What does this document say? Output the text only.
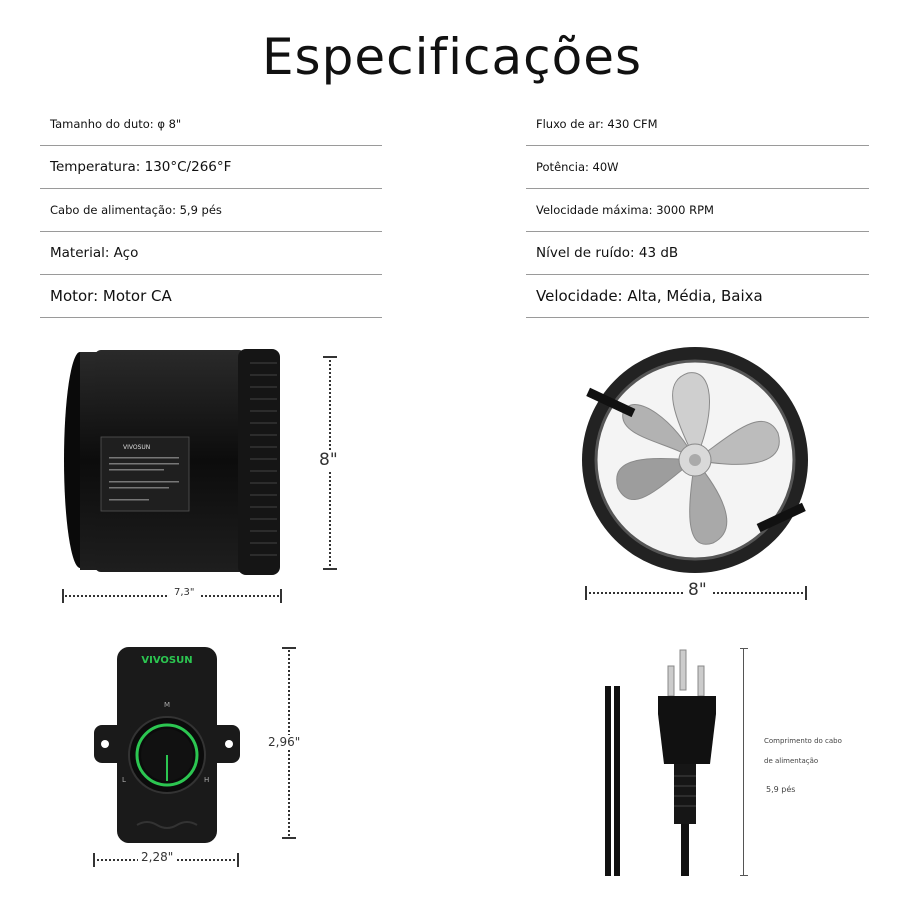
Especificações
Tamanho do duto: φ 8"
Temperatura: 130°C/266°F
Cabo de alimentação: 5,9 pés
Material: Aço
Motor: Motor CA
Fluxo de ar: 430 CFM
Potência: 40W
Velocidade máxima: 3000 RPM
Nível de ruído: 43 dB
Velocidade: Alta, Média, Baixa
VIVOSUN
8"
7,3"	8"
VIVOSUN
M
L	H
2,96"
2,28"
Comprimento do cabo
de alimentação
5,9 pés
